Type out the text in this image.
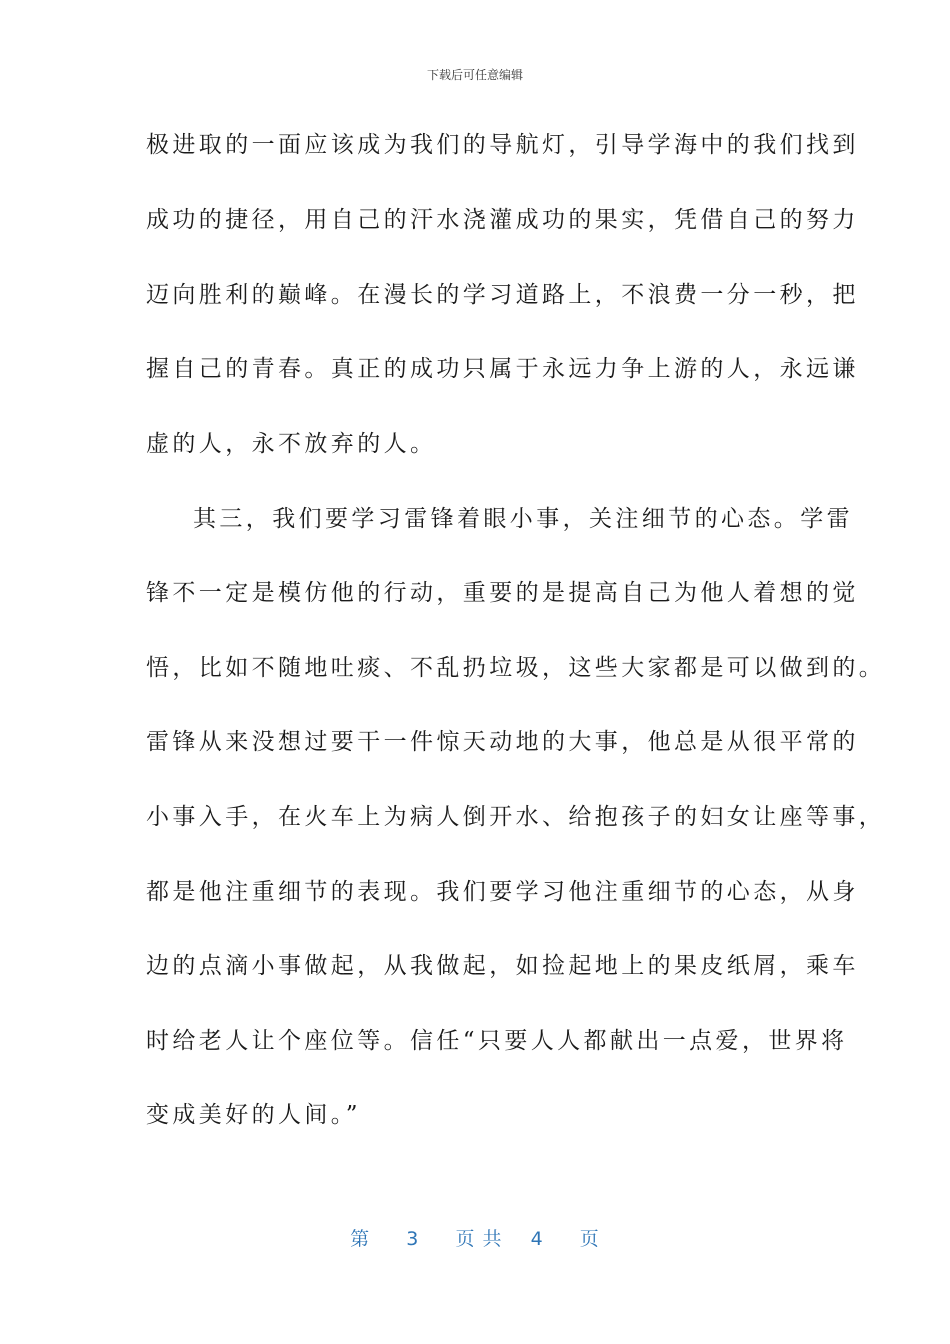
下载后可任意编辑
极进取的一面应该成为我们的导航灯，引导学海中的我们找到
成功的捷径，用自己的汗水浇灌成功的果实，凭借自己的努力
迈向胜利的巅峰。在漫长的学习道路上，不浪费一分一秒，把
握自己的青春。真正的成功只属于永远力争上游的人，永远谦
虚的人，永不放弃的人。
其三，我们要学习雷锋着眼小事，关注细节的心态。学雷
锋不一定是模仿他的行动，重要的是提高自己为他人着想的觉
悟，比如不随地吐痰、不乱扔垃圾，这些大家都是可以做到的。
雷锋从来没想过要干一件惊天动地的大事，他总是从很平常的
小事入手，在火车上为病人倒开水、给抱孩子的妇女让座等事，
都是他注重细节的表现。我们要学习他注重细节的心态，从身
边的点滴小事做起，从我做起，如捡起地上的果皮纸屑，乘车
时给老人让个座位等。信任“只要人人都献出一点爱，世界将
变成美好的人间。”
第 3 页 共 4 页
